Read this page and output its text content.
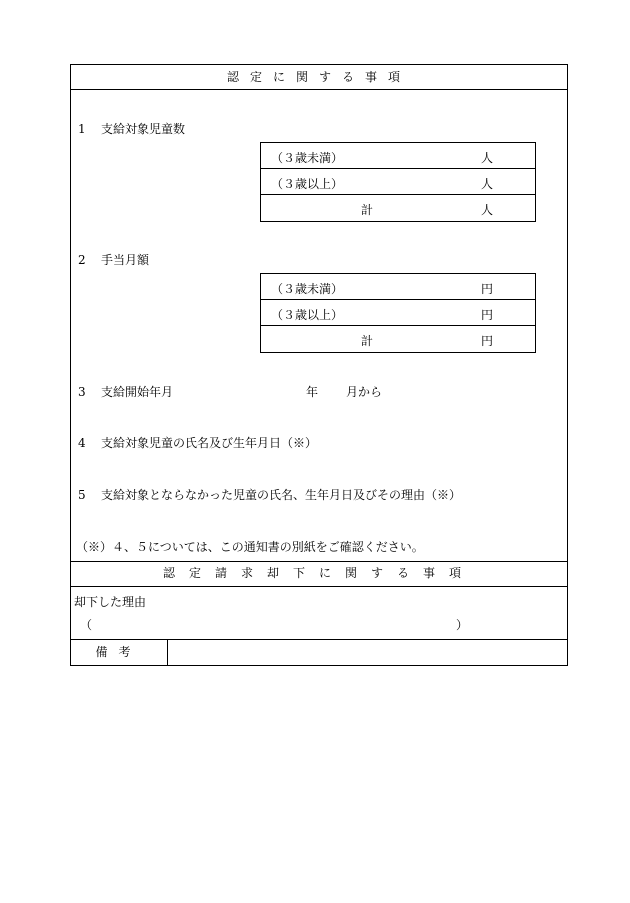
認定に関する事項
1 支給対象児童数
（３歳未満）	人
（３歳以上）	人
計	人
2 手当月額
（３歳未満）	円
（３歳以上）	円
計	円
3 支給開始年月	年 月から
4 支給対象児童の氏名及び生年月日（※）
5 支給対象とならなかった児童の氏名、生年月日及びその理由（※）
（※）４、５については、この通知書の別紙をご確認ください。
認定請求却下に関する事項
却下した理由
（	）
備考
